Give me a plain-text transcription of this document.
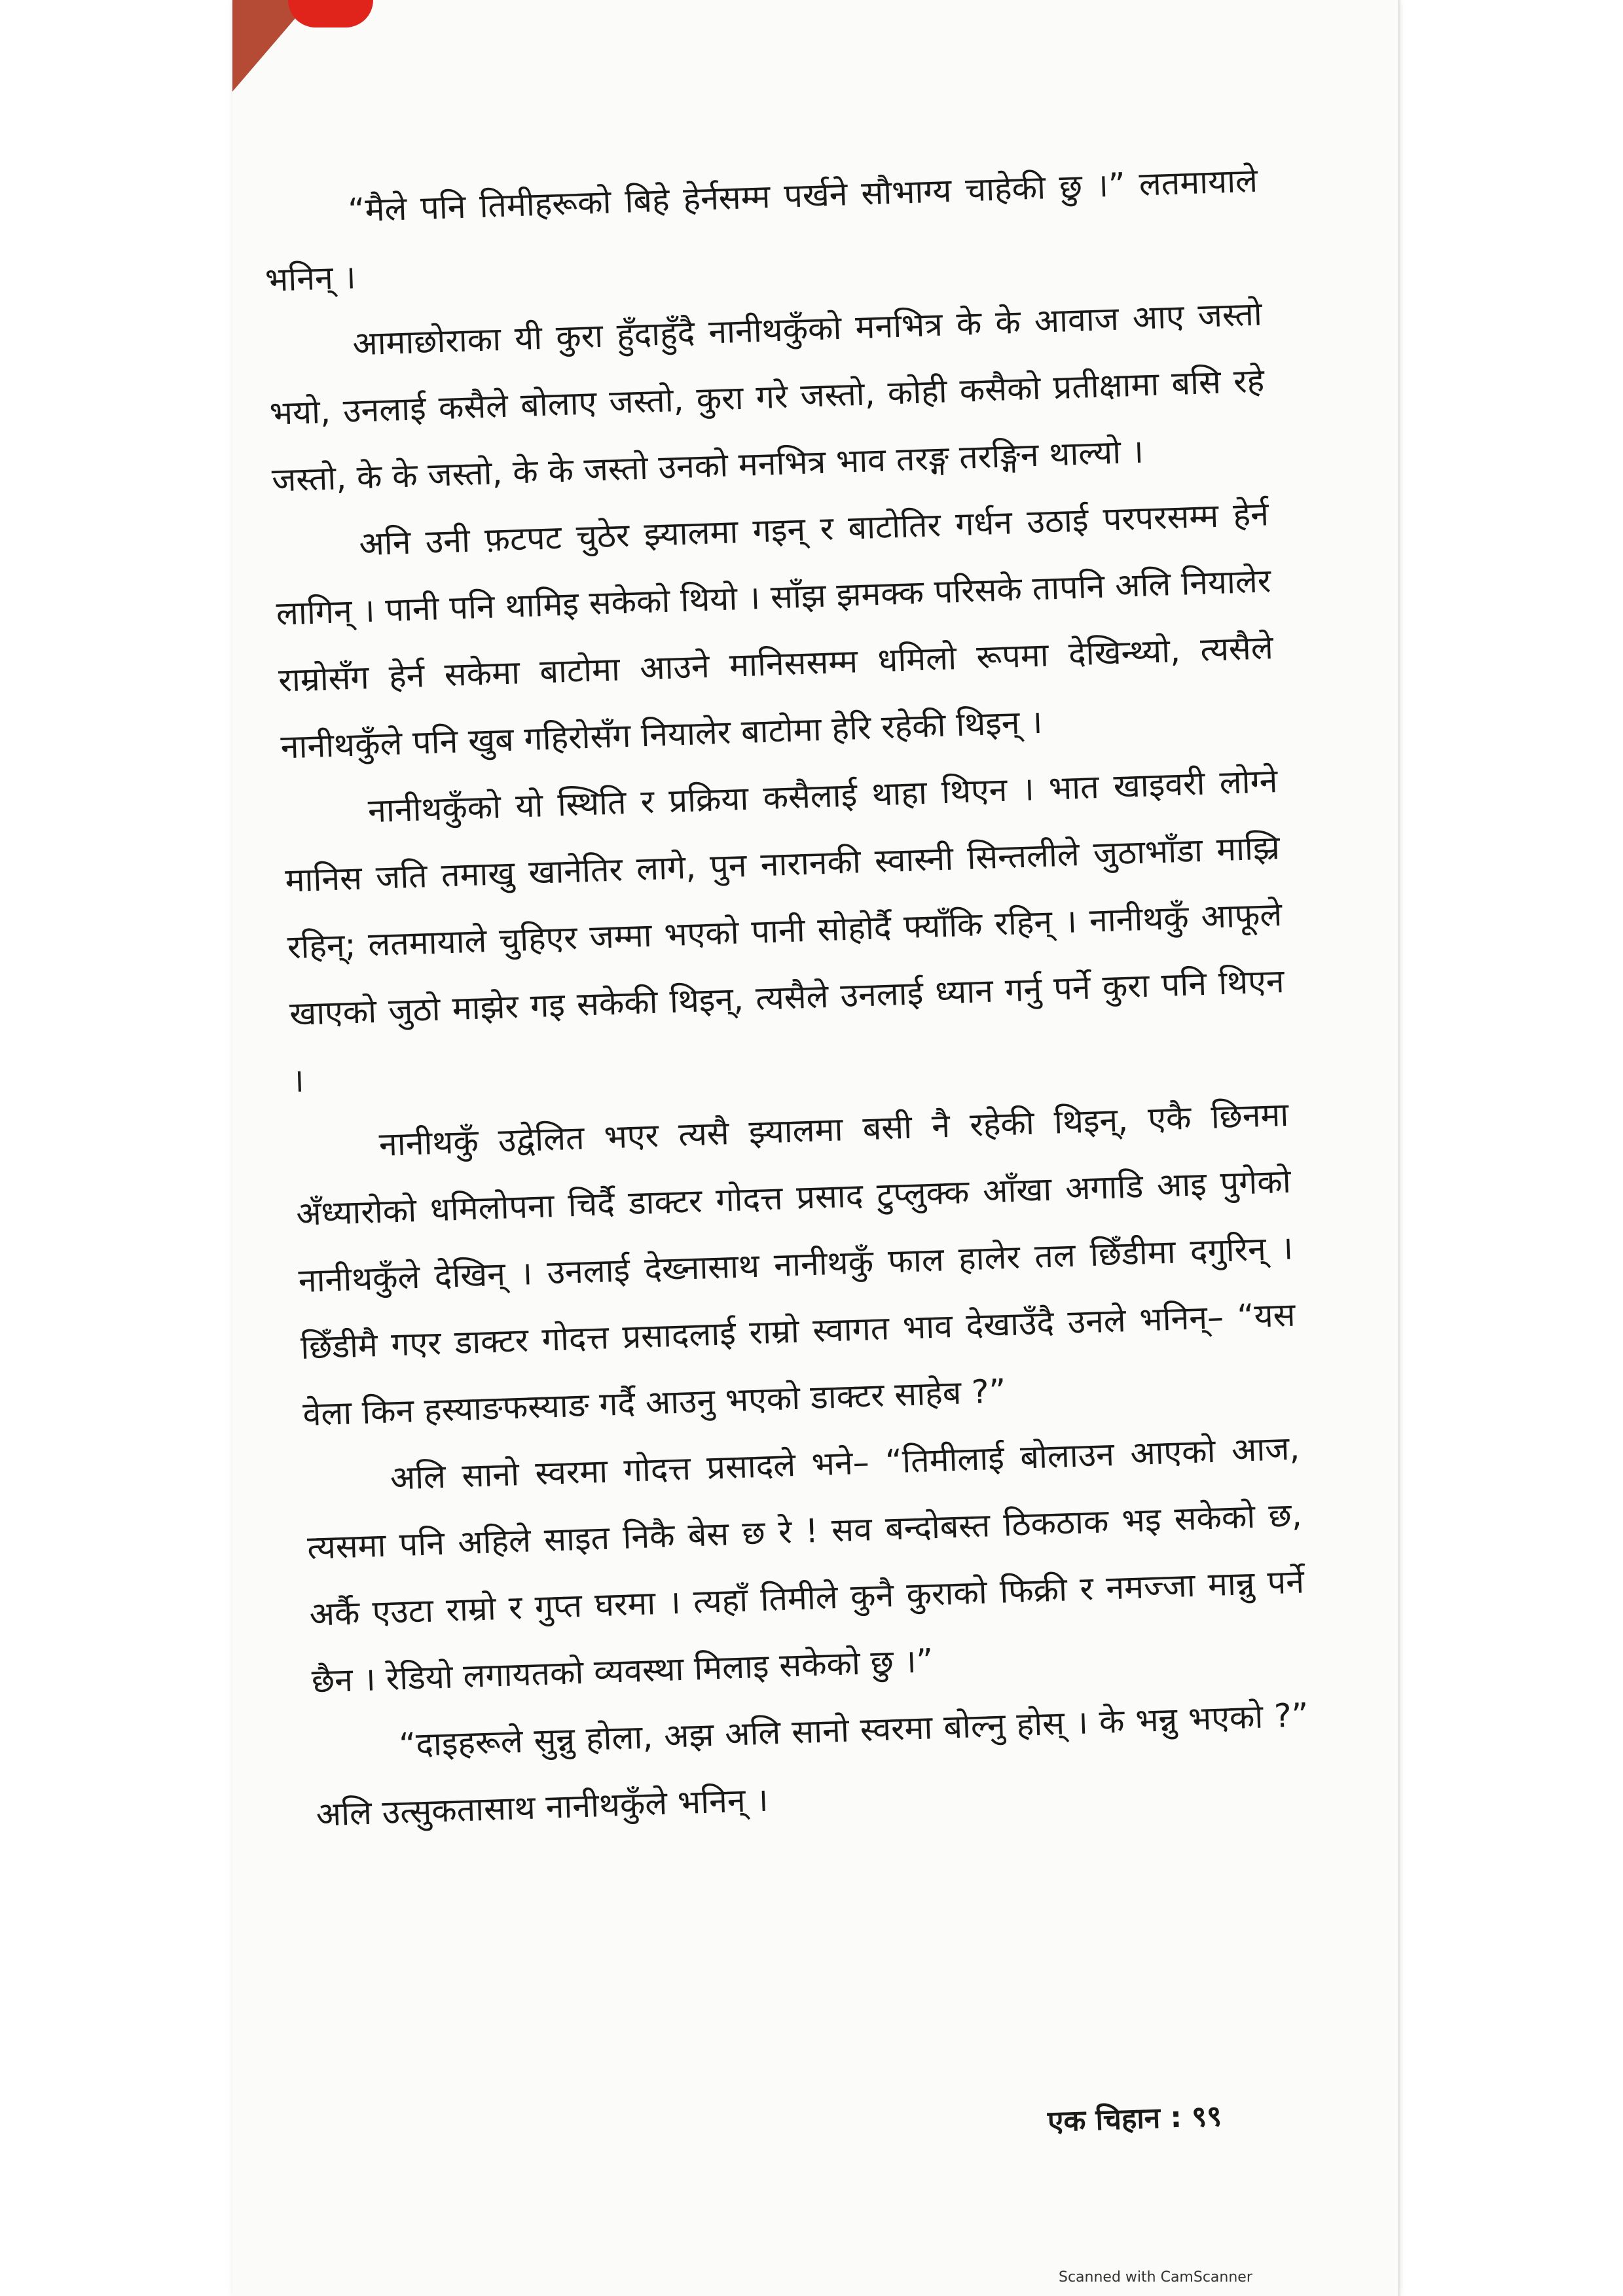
“मैले पनि तिमीहरूको बिहे हेर्नसम्म पर्खने सौभाग्य चाहेकी छु ।” लतमायाले भनिन् ।

आमाछोराका यी कुरा हुँदाहुँदै नानीथकुँको मनभित्र के के आवाज आए जस्तो भयो, उनलाई कसैले बोलाए जस्तो, कुरा गरे जस्तो, कोही कसैको प्रतीक्षामा बसि रहे जस्तो, के के जस्तो, के के जस्तो उनको मनभित्र भाव तरङ्ग तरङ्गिन थाल्यो ।

अनि उनी फ़टपट चुठेर झ्यालमा गइन् र बाटोतिर गर्धन उठाई परपरसम्म हेर्न लागिन् । पानी पनि थामिइ सकेको थियो । साँझ झमक्क परिसके तापनि अलि नियालेर राम्रोसँग हेर्न सकेमा बाटोमा आउने मानिससम्म धमिलो रूपमा देखिन्थ्यो, त्यसैले नानीथकुँले पनि खुब गहिरोसँग नियालेर बाटोमा हेरि रहेकी थिइन् ।

नानीथकुँको यो स्थिति र प्रक्रिया कसैलाई थाहा थिएन । भात खाइवरी लोग्ने मानिस जति तमाखु खानेतिर लागे, पुन नारानकी स्वास्नी सिन्तलीले जुठाभाँडा माझ्रि रहिन्; लतमायाले चुहिएर जम्मा भएको पानी सोहोर्दै फ्याँकि रहिन् । नानीथकुँ आफूले खाएको जुठो माझेर गइ सकेकी थिइन्, त्यसैले उनलाई ध्यान गर्नु पर्ने कुरा पनि थिएन ।

नानीथकुँ उद्वेलित भएर त्यसै झ्यालमा बसी नै रहेकी थिइन्, एकै छिनमा अँध्यारोको धमिलोपना चिर्दै डाक्टर गोदत्त प्रसाद टुप्लुक्क आँखा अगाडि आइ पुगेको नानीथकुँले देखिन् । उनलाई देख्नासाथ नानीथकुँ फाल हालेर तल छिँडीमा दगुरिन् । छिँडीमै गएर डाक्टर गोदत्त प्रसादलाई राम्रो स्वागत भाव देखाउँदै उनले भनिन्– “यस वेला किन हस्याङफस्याङ गर्दै आउनु भएको डाक्टर साहेब ?”

अलि सानो स्वरमा गोदत्त प्रसादले भने– “तिमीलाई बोलाउन आएको आज, त्यसमा पनि अहिले साइत निकै बेस छ रे ! सव बन्दोबस्त ठिकठाक भइ सकेको छ, अर्कै एउटा राम्रो र गुप्त घरमा । त्यहाँ तिमीले कुनै कुराको फिक्री र नमज्जा मान्नु पर्ने छैन । रेडियो लगायतको व्यवस्था मिलाइ सकेको छु ।”

“दाइहरूले सुन्नु होला, अझ अलि सानो स्वरमा बोल्नु होस् । के भन्नु भएको ?” अलि उत्सुकतासाथ नानीथकुँले भनिन् ।

एक चिहान : ९९
Scanned with CamScanner
